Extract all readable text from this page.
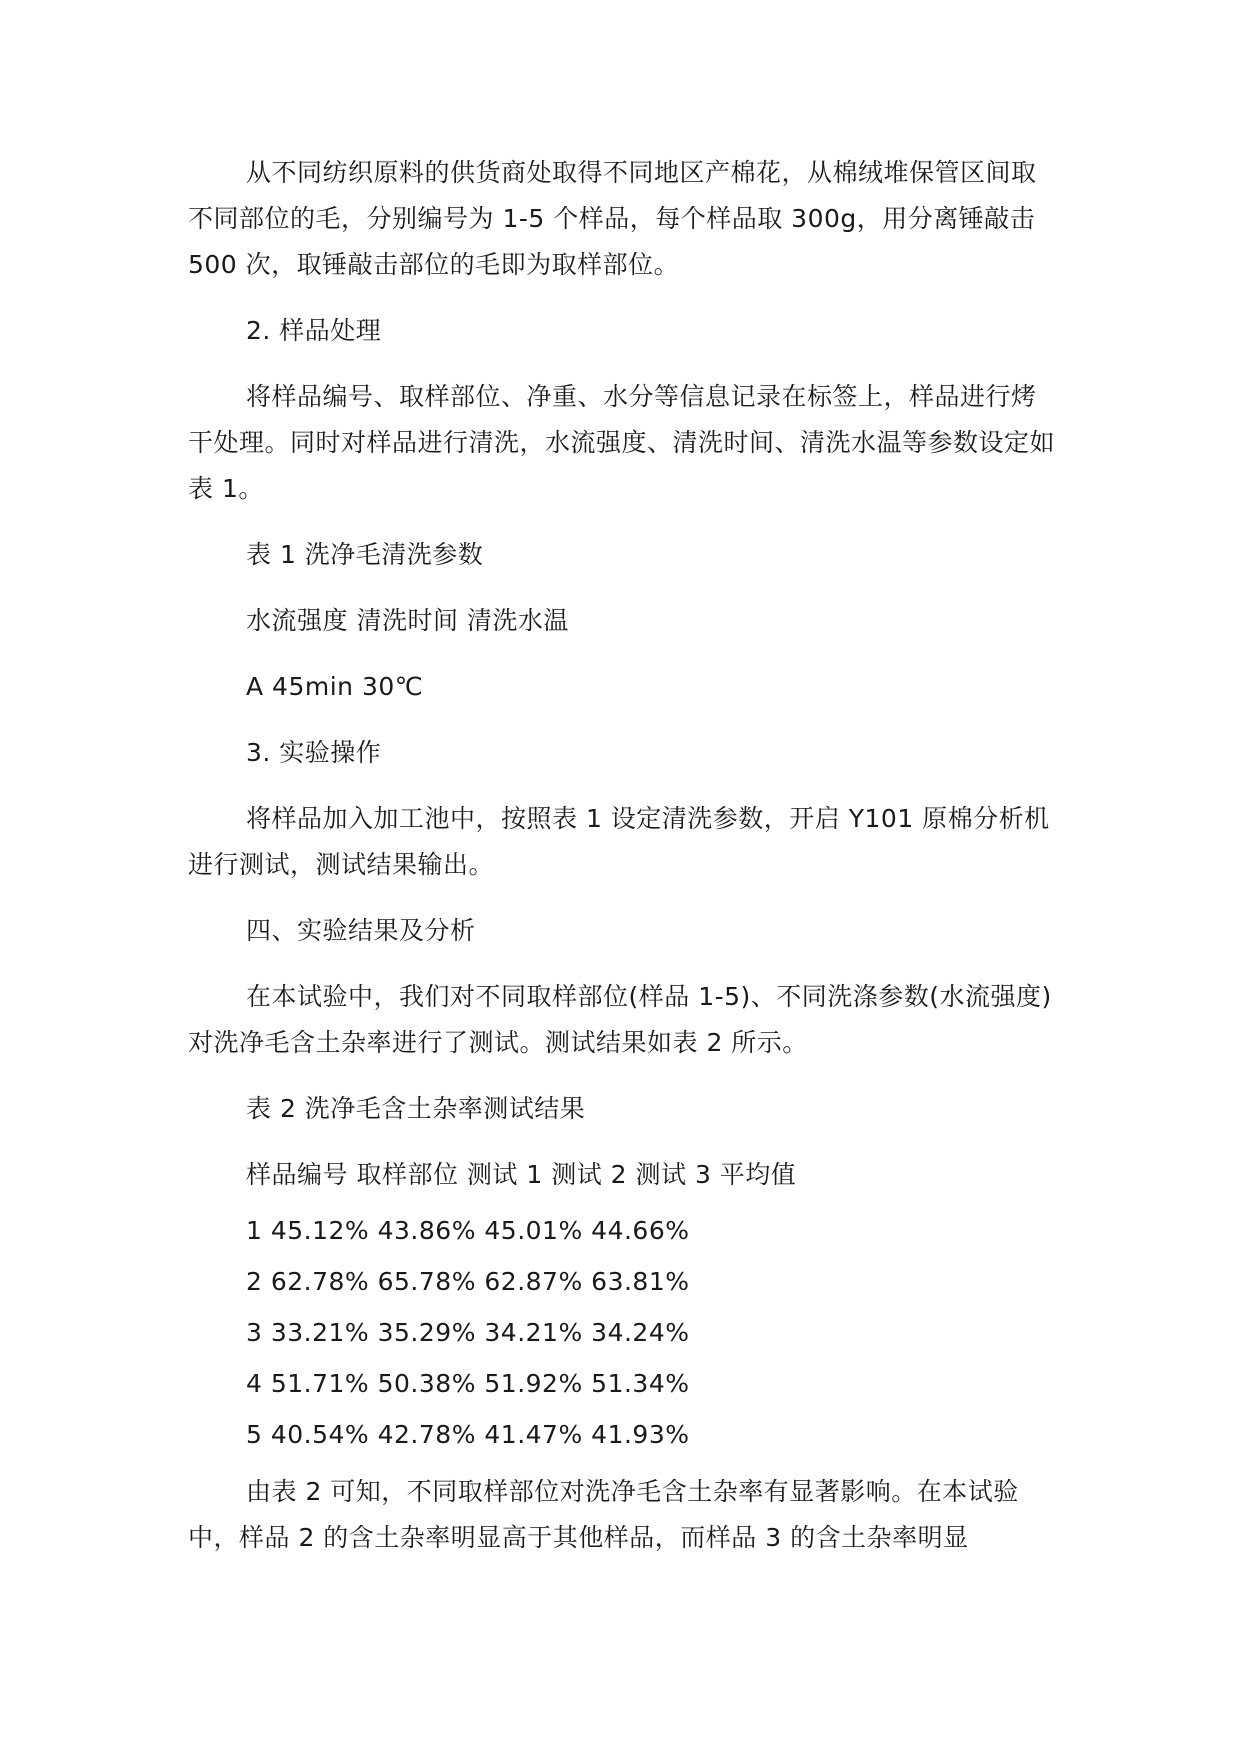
从不同纺织原料的供货商处取得不同地区产棉花，从棉绒堆保管区间取不同部位的毛，分别编号为 1-5 个样品，每个样品取 300g，用分离锤敲击 500 次，取锤敲击部位的毛即为取样部位。

2. 样品处理

将样品编号、取样部位、净重、水分等信息记录在标签上，样品进行烤干处理。同时对样品进行清洗，水流强度、清洗时间、清洗水温等参数设定如表 1。

表 1 洗净毛清洗参数

水流强度 清洗时间 清洗水温

A 45min 30℃

3. 实验操作

将样品加入加工池中，按照表 1 设定清洗参数，开启 Y101 原棉分析机进行测试，测试结果输出。

四、实验结果及分析

在本试验中，我们对不同取样部位(样品 1-5)、不同洗涤参数(水流强度)对洗净毛含土杂率进行了测试。测试结果如表 2 所示。

表 2 洗净毛含土杂率测试结果

样品编号 取样部位 测试 1 测试 2 测试 3 平均值

1 45.12% 43.86% 45.01% 44.66%
2 62.78% 65.78% 62.87% 63.81%
3 33.21% 35.29% 34.21% 34.24%
4 51.71% 50.38% 51.92% 51.34%
5 40.54% 42.78% 41.47% 41.93%

由表 2 可知，不同取样部位对洗净毛含土杂率有显著影响。在本试验中，样品 2 的含土杂率明显高于其他样品，而样品 3 的含土杂率明显
